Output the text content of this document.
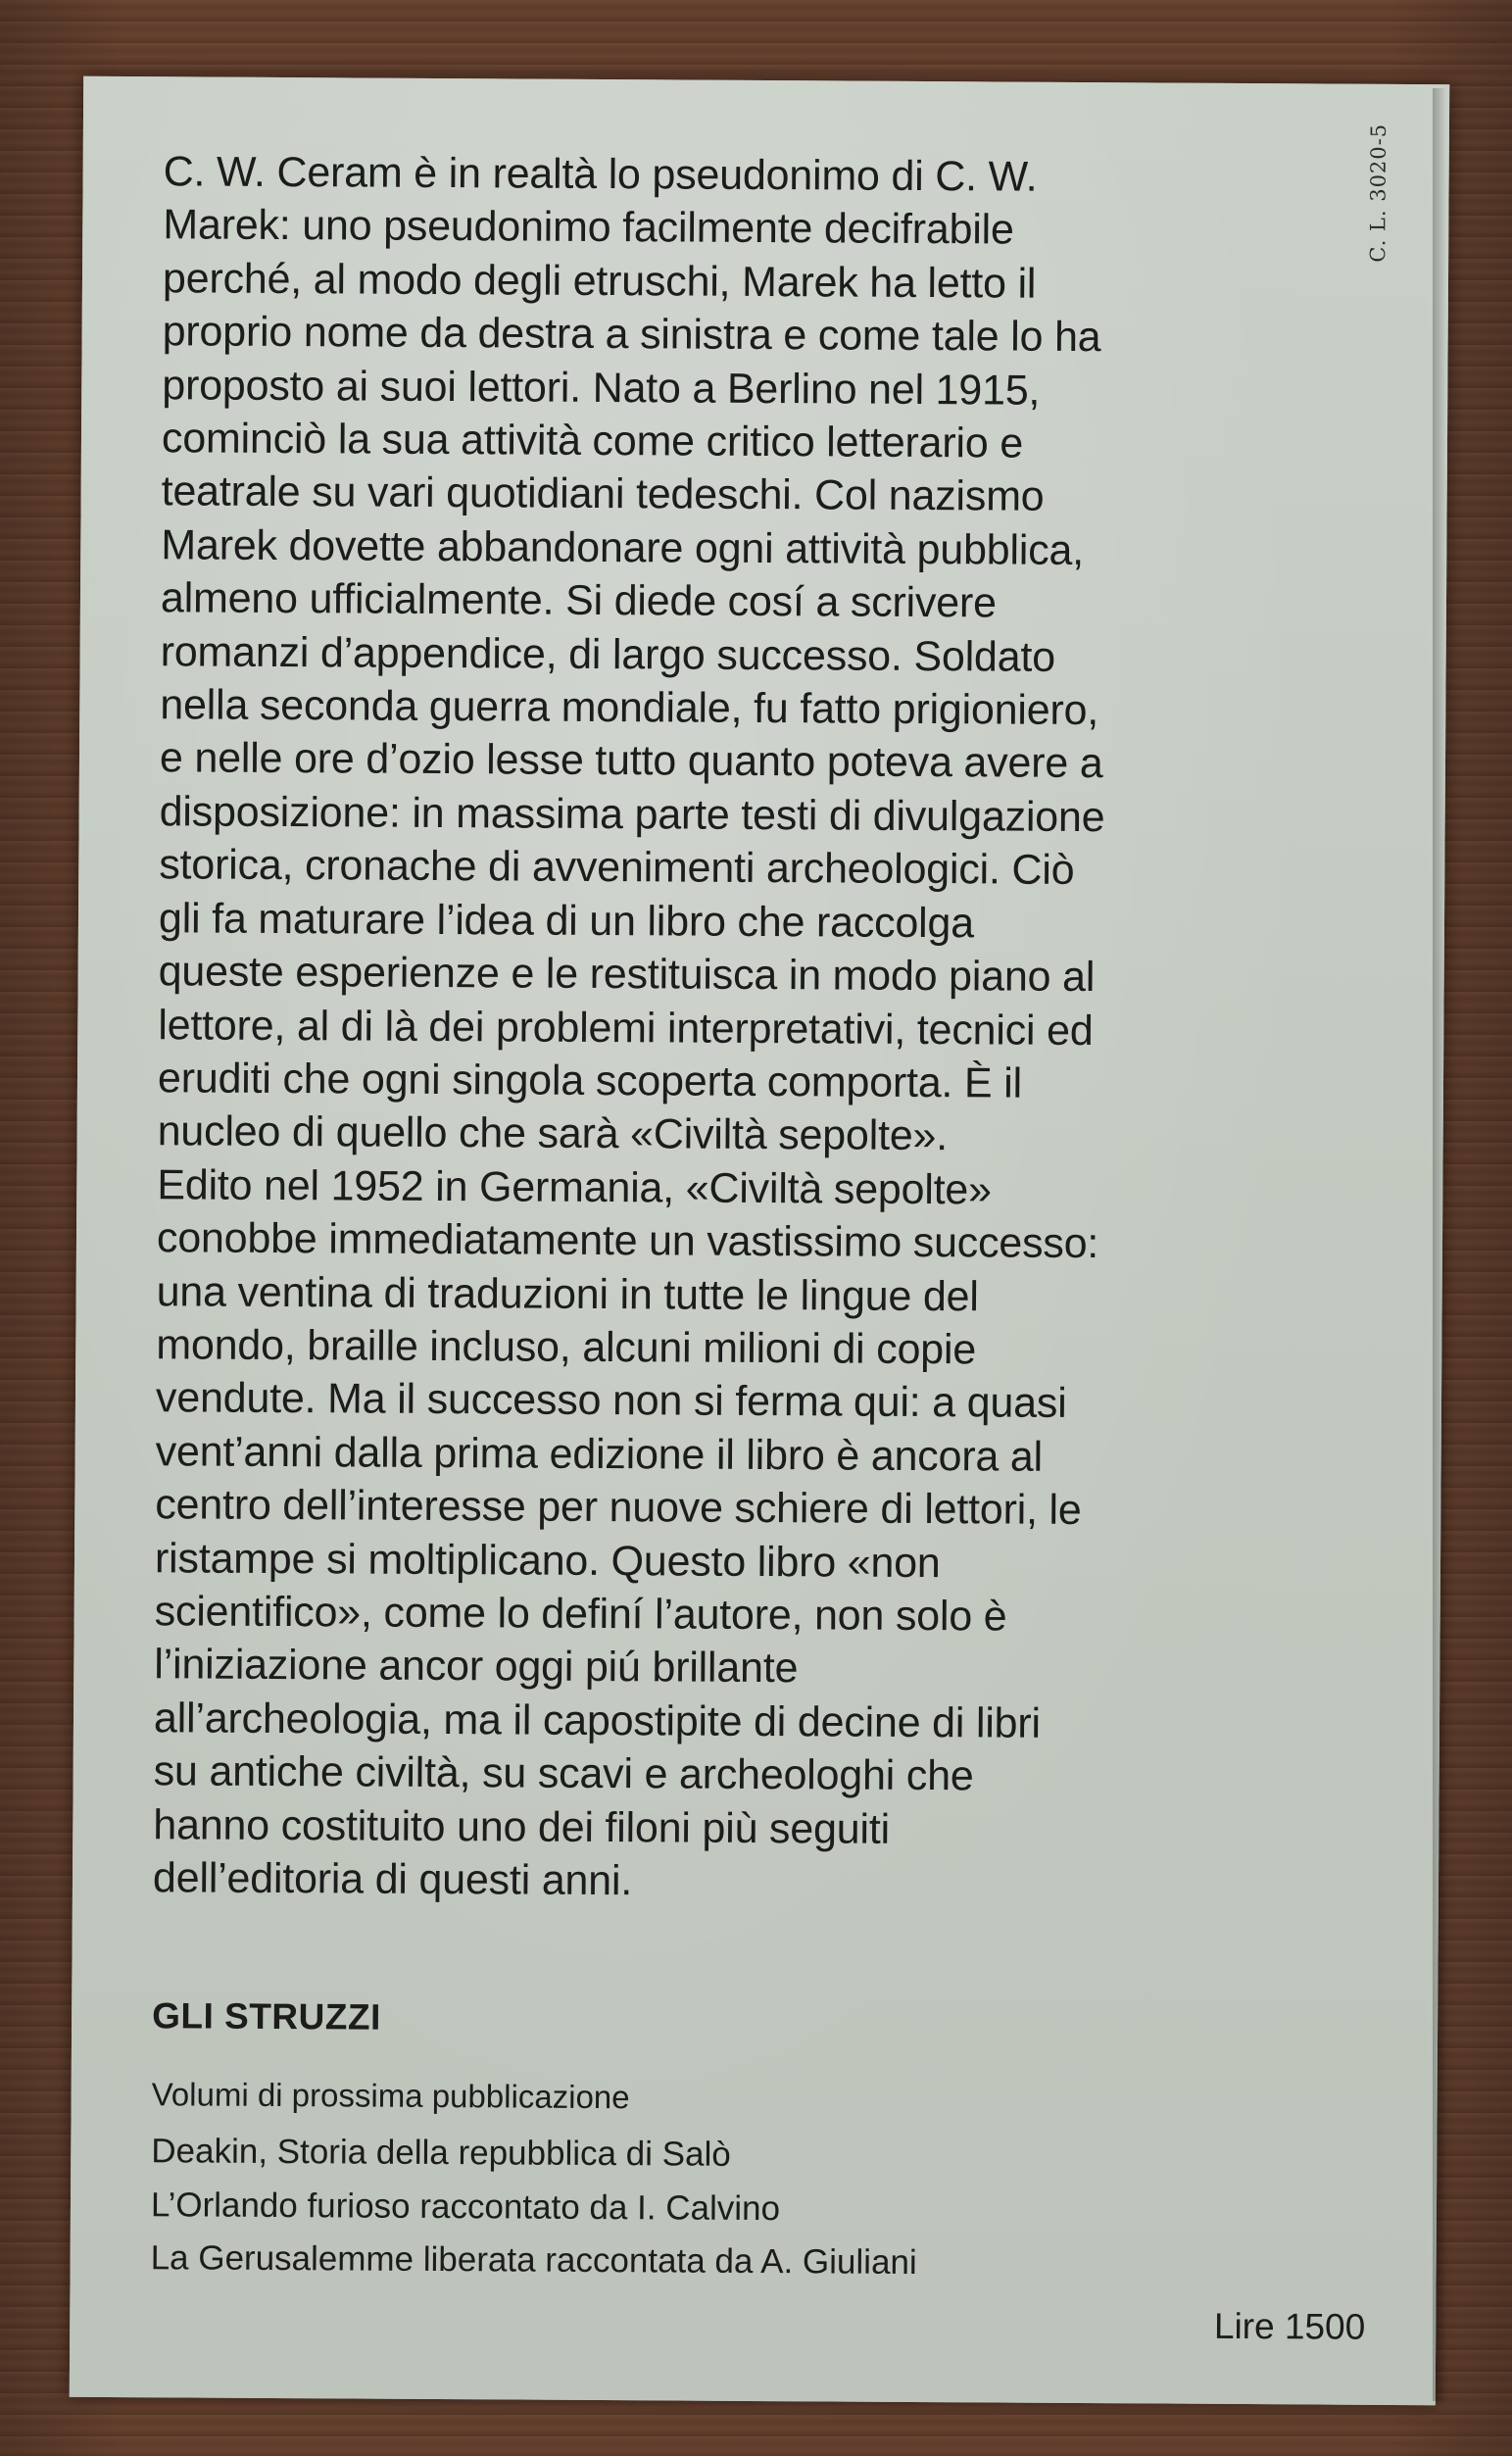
C. L. 3020-5
C. W. Ceram è in realtà lo pseudonimo di C. W.
Marek: uno pseudonimo facilmente decifrabile
perché, al modo degli etruschi, Marek ha letto il
proprio nome da destra a sinistra e come tale lo ha
proposto ai suoi lettori. Nato a Berlino nel 1915,
cominciò la sua attività come critico letterario e
teatrale su vari quotidiani tedeschi. Col nazismo
Marek dovette abbandonare ogni attività pubblica,
almeno ufficialmente. Si diede cosí a scrivere
romanzi d’appendice, di largo successo. Soldato
nella seconda guerra mondiale, fu fatto prigioniero,
e nelle ore d’ozio lesse tutto quanto poteva avere a
disposizione: in massima parte testi di divulgazione
storica, cronache di avvenimenti archeologici. Ciò
gli fa maturare l’idea di un libro che raccolga
queste esperienze e le restituisca in modo piano al
lettore, al di là dei problemi interpretativi, tecnici ed
eruditi che ogni singola scoperta comporta. È il
nucleo di quello che sarà «Civiltà sepolte».
Edito nel 1952 in Germania, «Civiltà sepolte»
conobbe immediatamente un vastissimo successo:
una ventina di traduzioni in tutte le lingue del
mondo, braille incluso, alcuni milioni di copie
vendute. Ma il successo non si ferma qui: a quasi
vent’anni dalla prima edizione il libro è ancora al
centro dell’interesse per nuove schiere di lettori, le
ristampe si moltiplicano. Questo libro «non
scientifico», come lo definí l’autore, non solo è
l’iniziazione ancor oggi piú brillante
all’archeologia, ma il capostipite di decine di libri
su antiche civiltà, su scavi e archeologhi che
hanno costituito uno dei filoni più seguiti
dell’editoria di questi anni.
GLI STRUZZI
Volumi di prossima pubblicazione
Deakin, Storia della repubblica di Salò
L’Orlando furioso raccontato da I. Calvino
La Gerusalemme liberata raccontata da A. Giuliani
Lire 1500
